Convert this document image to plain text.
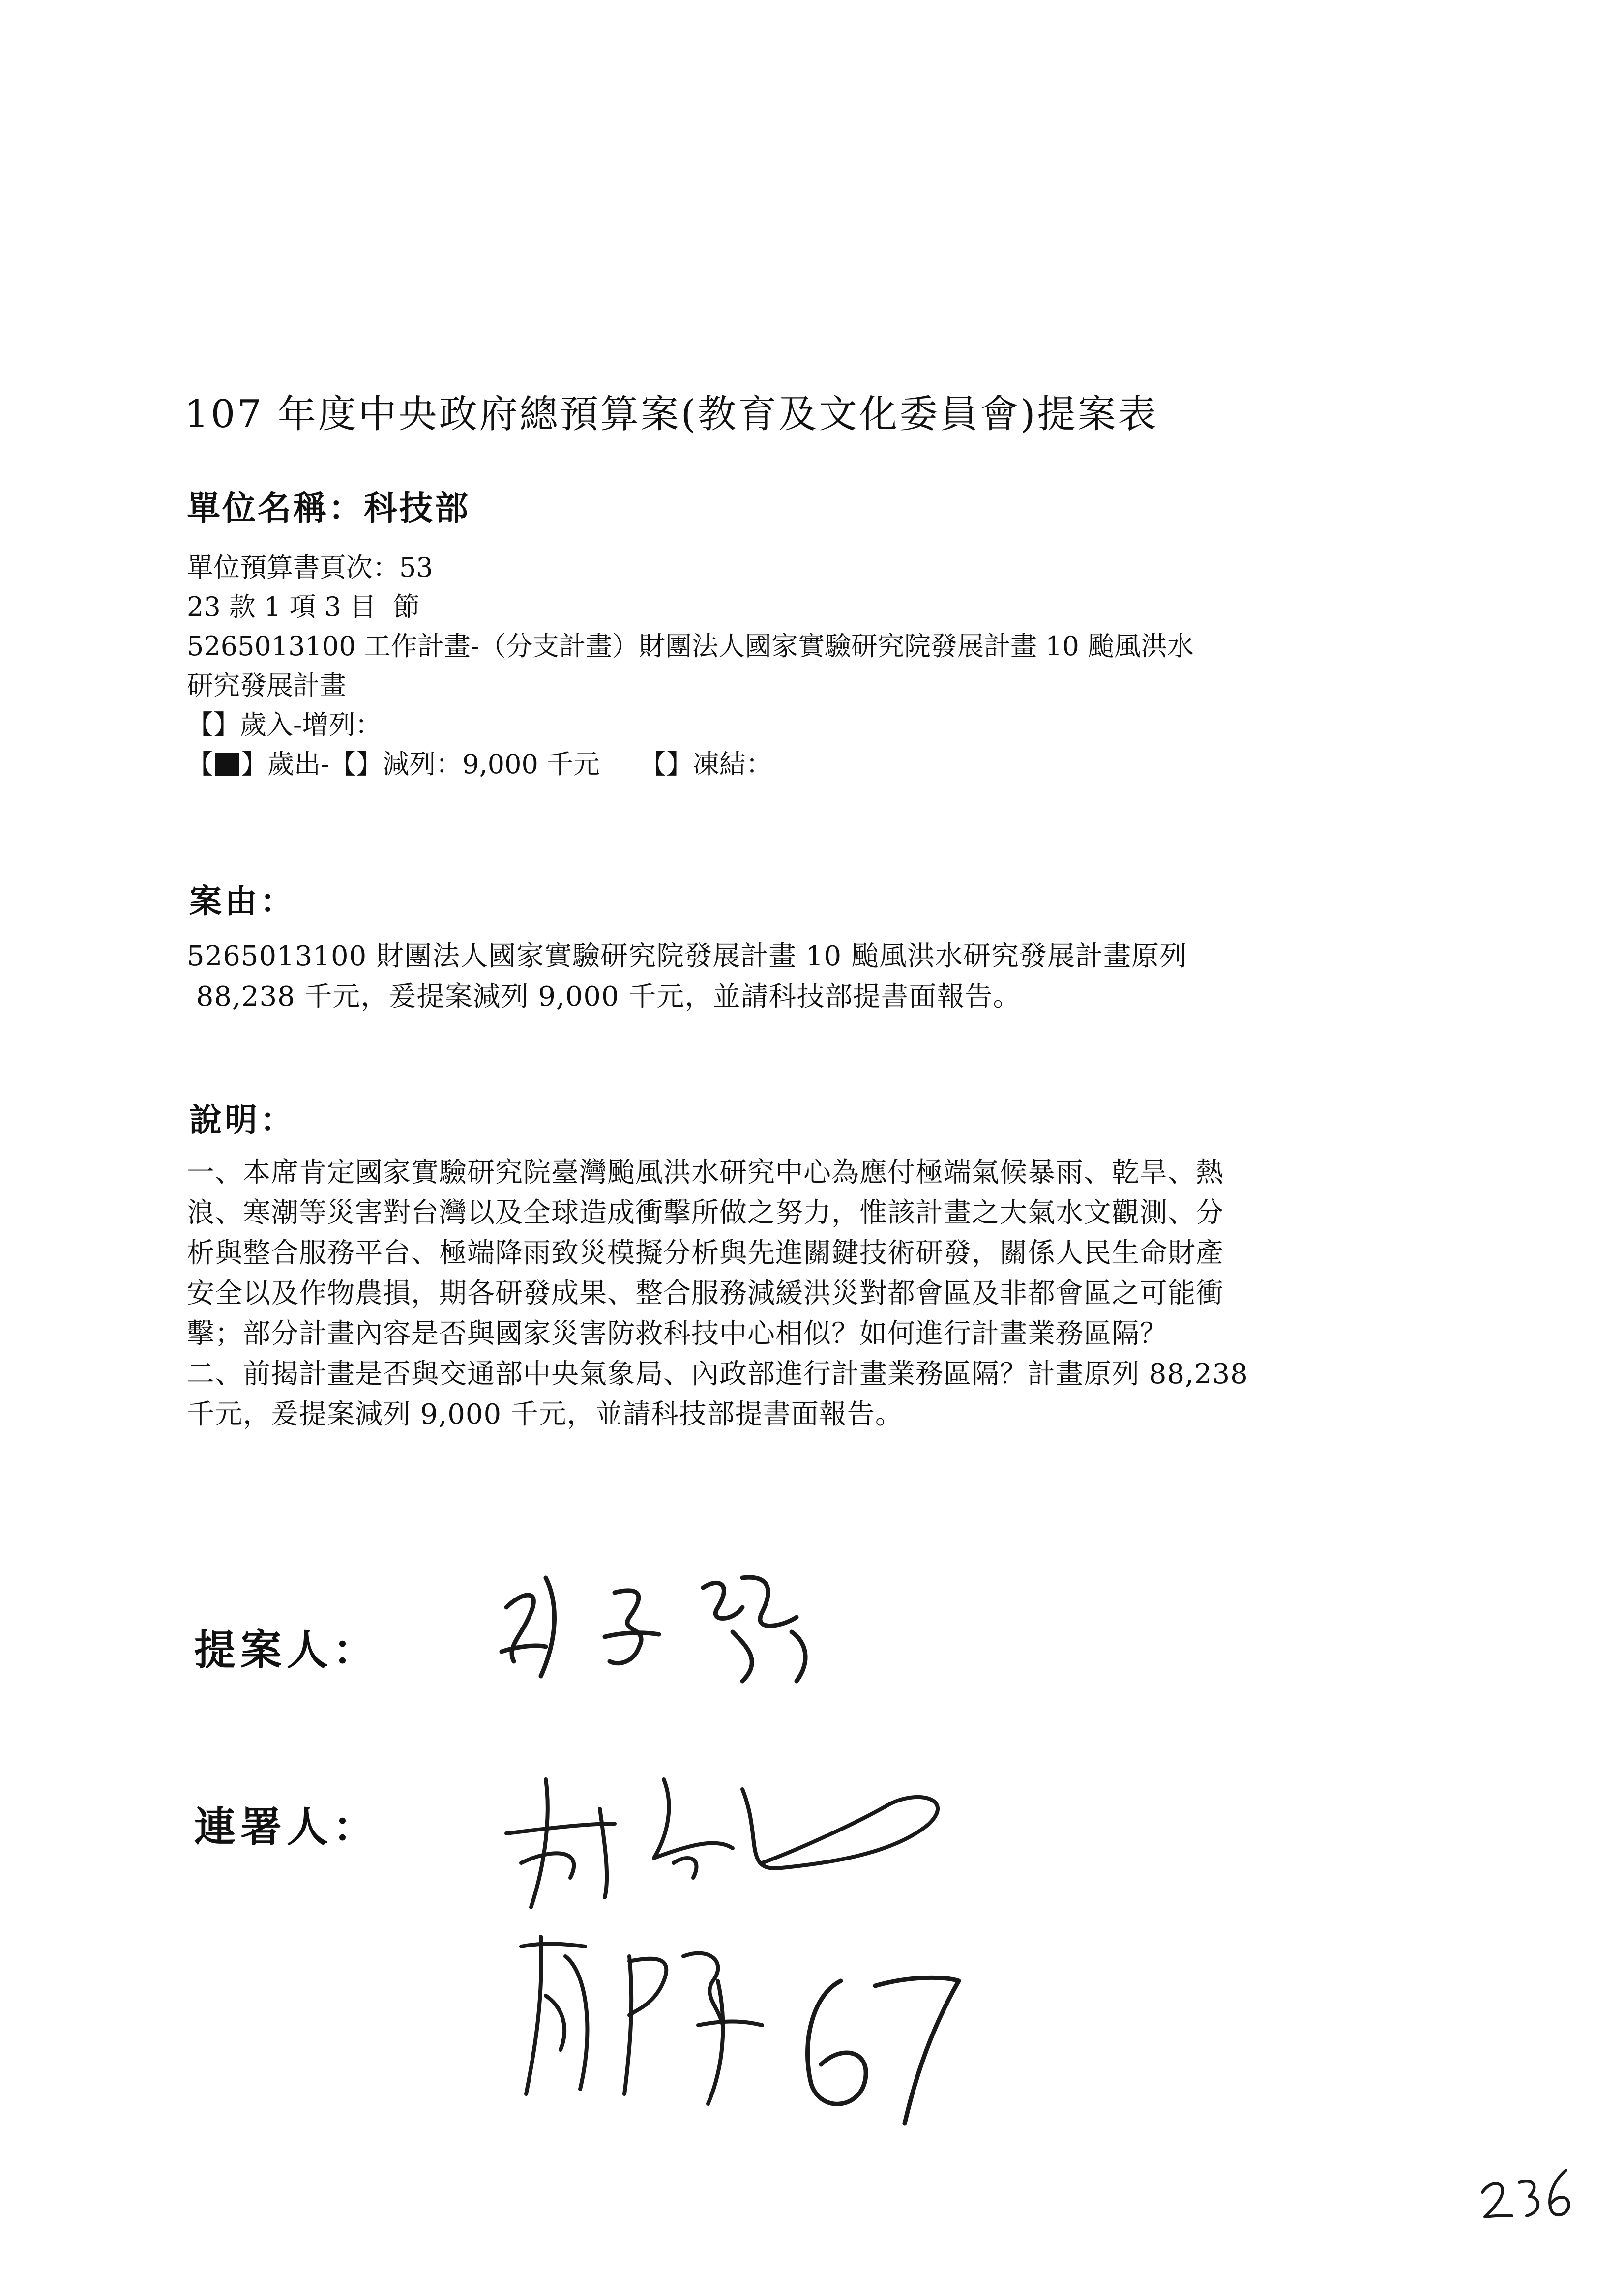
107 年度中央政府總預算案(教育及文化委員會)提案表
單位名稱：科技部
單位預算書頁次：53
23 款 1 項 3 目  節
5265013100 工作計畫-（分支計畫）財團法人國家實驗研究院發展計畫 10 颱風洪水
研究發展計畫
【】歲入-增列：
【 】歲出-【】減列：9,000 千元　　【】凍結：
案由：
5265013100 財團法人國家實驗研究院發展計畫 10 颱風洪水研究發展計畫原列
88,238 千元，爰提案減列 9,000 千元，並請科技部提書面報告。
說明：
一、本席肯定國家實驗研究院臺灣颱風洪水研究中心為應付極端氣候暴雨、乾旱、熱
浪、寒潮等災害對台灣以及全球造成衝擊所做之努力，惟該計畫之大氣水文觀測、分
析與整合服務平台、極端降雨致災模擬分析與先進關鍵技術研發，關係人民生命財產
安全以及作物農損，期各研發成果、整合服務減緩洪災對都會區及非都會區之可能衝
擊；部分計畫內容是否與國家災害防救科技中心相似？如何進行計畫業務區隔？
二、前揭計畫是否與交通部中央氣象局、內政部進行計畫業務區隔？計畫原列 88,238
千元，爰提案減列 9,000 千元，並請科技部提書面報告。
提案人：
連署人：
